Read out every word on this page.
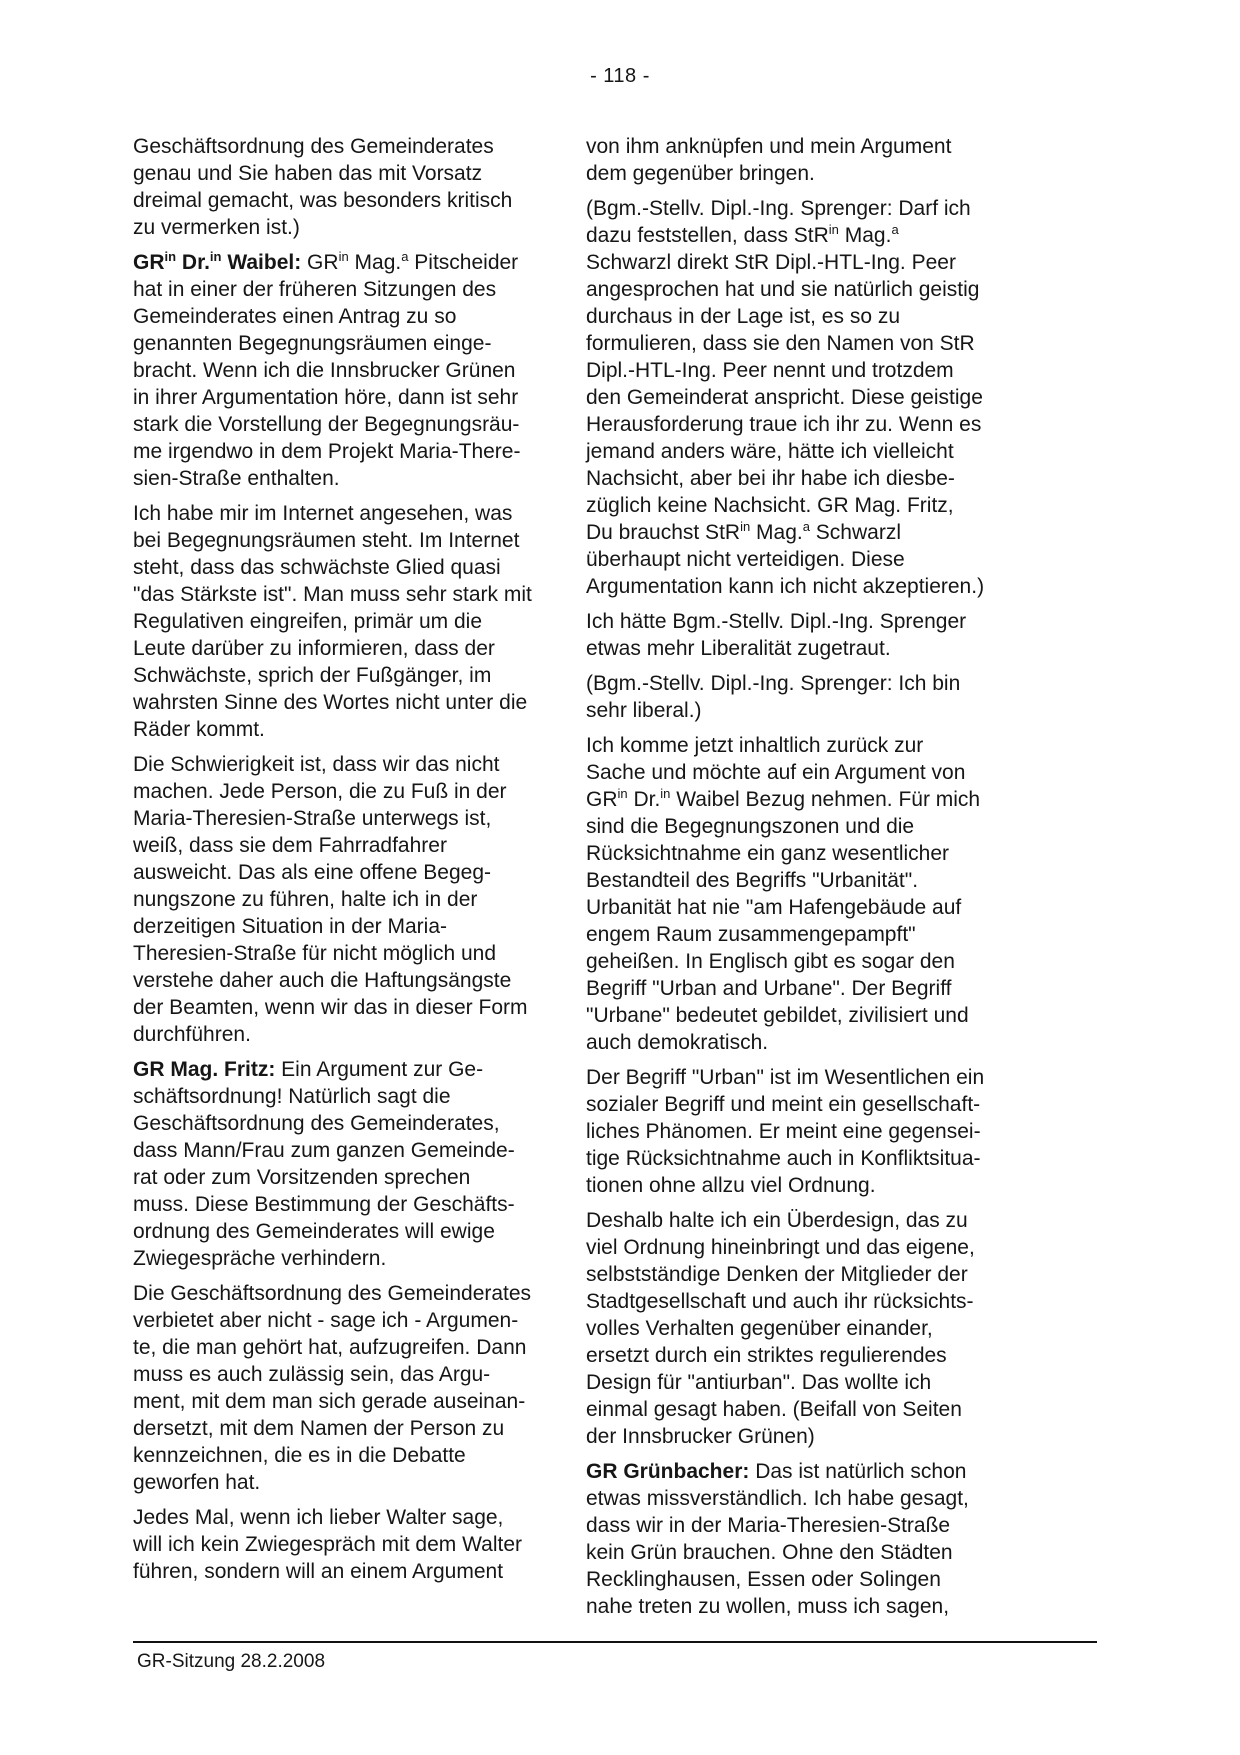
- 118 -

Geschäftsordnung des Gemeinderates
genau und Sie haben das mit Vorsatz
dreimal gemacht, was besonders kritisch
zu vermerken ist.)

$GR^{in}$ Dr.$^{in}$ Waibel: $GR^{in}$ Mag.$^a$ Pitscheider
hat in einer der früheren Sitzungen des
Gemeinderates einen Antrag zu so
genannten Begegnungsräumen einge-
bracht. Wenn ich die Innsbrucker Grünen
in ihrer Argumentation höre, dann ist sehr
stark die Vorstellung der Begegnungsräu-
me irgendwo in dem Projekt Maria-There-
sien-Straße enthalten.

Ich habe mir im Internet angesehen, was
bei Begegnungsräumen steht. Im Internet
steht, dass das schwächste Glied quasi
"das Stärkste ist". Man muss sehr stark mit
Regulativen eingreifen, primär um die
Leute darüber zu informieren, dass der
Schwächste, sprich der Fußgänger, im
wahrsten Sinne des Wortes nicht unter die
Räder kommt.

Die Schwierigkeit ist, dass wir das nicht
machen. Jede Person, die zu Fuß in der
Maria-Theresien-Straße unterwegs ist,
weiß, dass sie dem Fahrradfahrer
ausweicht. Das als eine offene Begeg-
nungszone zu führen, halte ich in der
derzeitigen Situation in der Maria-
Theresien-Straße für nicht möglich und
verstehe daher auch die Haftungsängste
der Beamten, wenn wir das in dieser Form
durchführen.

GR Mag. Fritz: Ein Argument zur Ge-
schäftsordnung! Natürlich sagt die
Geschäftsordnung des Gemeinderates,
dass Mann/Frau zum ganzen Gemeinde-
rat oder zum Vorsitzenden sprechen
muss. Diese Bestimmung der Geschäfts-
ordnung des Gemeinderates will ewige
Zwiegespräche verhindern.

Die Geschäftsordnung des Gemeinderates
verbietet aber nicht - sage ich - Argumen-
te, die man gehört hat, aufzugreifen. Dann
muss es auch zulässig sein, das Argu-
ment, mit dem man sich gerade auseinan-
dersetzt, mit dem Namen der Person zu
kennzeichnen, die es in die Debatte
geworfen hat.

Jedes Mal, wenn ich lieber Walter sage,
will ich kein Zwiegespräch mit dem Walter
führen, sondern will an einem Argument

von ihm anknüpfen und mein Argument
dem gegenüber bringen.

(Bgm.-Stellv. Dipl.-Ing. Sprenger: Darf ich
dazu feststellen, dass StR$^{in}$ Mag.$^a$
Schwarzl direkt StR Dipl.-HTL-Ing. Peer
angesprochen hat und sie natürlich geistig
durchaus in der Lage ist, es so zu
formulieren, dass sie den Namen von StR
Dipl.-HTL-Ing. Peer nennt und trotzdem
den Gemeinderat anspricht. Diese geistige
Herausforderung traue ich ihr zu. Wenn es
jemand anders wäre, hätte ich vielleicht
Nachsicht, aber bei ihr habe ich diesbe-
züglich keine Nachsicht. GR Mag. Fritz,
Du brauchst StR$^{in}$ Mag.$^a$ Schwarzl
überhaupt nicht verteidigen. Diese
Argumentation kann ich nicht akzeptieren.)

Ich hätte Bgm.-Stellv. Dipl.-Ing. Sprenger
etwas mehr Liberalität zugetraut.

(Bgm.-Stellv. Dipl.-Ing. Sprenger: Ich bin
sehr liberal.)

Ich komme jetzt inhaltlich zurück zur
Sache und möchte auf ein Argument von
$GR^{in}$ Dr.$^{in}$ Waibel Bezug nehmen. Für mich
sind die Begegnungszonen und die
Rücksichtnahme ein ganz wesentlicher
Bestandteil des Begriffs "Urbanität".
Urbanität hat nie "am Hafengebäude auf
engem Raum zusammengepampft"
geheißen. In Englisch gibt es sogar den
Begriff "Urban and Urbane". Der Begriff
"Urbane" bedeutet gebildet, zivilisiert und
auch demokratisch.

Der Begriff "Urban" ist im Wesentlichen ein
sozialer Begriff und meint ein gesellschaft-
liches Phänomen. Er meint eine gegensei-
tige Rücksichtnahme auch in Konfliktsitua-
tionen ohne allzu viel Ordnung.

Deshalb halte ich ein Überdesign, das zu
viel Ordnung hineinbringt und das eigene,
selbstständige Denken der Mitglieder der
Stadtgesellschaft und auch ihr rücksichts-
volles Verhalten gegenüber einander,
ersetzt durch ein striktes regulierendes
Design für "antiurban". Das wollte ich
einmal gesagt haben. (Beifall von Seiten
der Innsbrucker Grünen)

GR Grünbacher: Das ist natürlich schon
etwas missverständlich. Ich habe gesagt,
dass wir in der Maria-Theresien-Straße
kein Grün brauchen. Ohne den Städten
Recklinghausen, Essen oder Solingen
nahe treten zu wollen, muss ich sagen,

GR-Sitzung 28.2.2008
